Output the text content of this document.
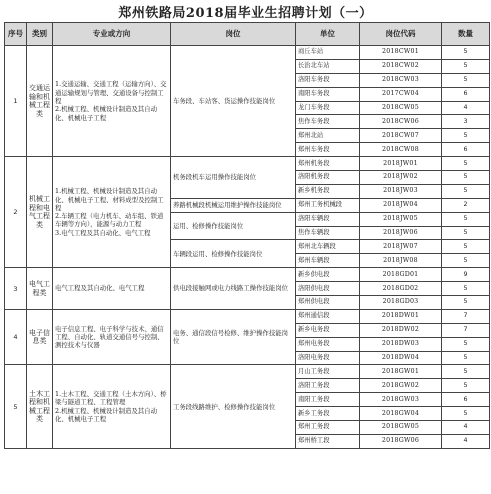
郑州铁路局2018届毕业生招聘计划（一）
序号	类别	专业或方向	岗位	单位	岗位代码	数量
1	交通运输和机械工程类	1.交通运输、交通工程（运输方向）、交通运输规划与管理、交通设备与控制工程
2.机械工程、机械设计制造及其自动化、机械电子工程	车务段、车站客、货运操作技能岗位	商丘车站	2018CW01	5
				长治北车站	2018CW02	5
				洛阳车务段	2018CW03	5
				南阳车务段	2017CW04	6
				龙门车务段	2018CW05	4
				焦作车务段	2018CW06	3
				郑州北站	2018CW07	5
				郑州车务段	2018CW08	6
2	机械工程和电气工程类	1.机械工程、机械设计制造及其自动化、机械电子工程、材料成型及控制工程
2.车辆工程（电力机车、动车组、铁道车辆等方向），能源与动力工程
3.电气工程及其自动化、电气工程	机务段机车运用操作技能岗位	郑州机务段	2018JW01	5
				洛阳机务段	2018JW02	5
				新乡机务段	2018JW03	5
			养路机械段机械运用维护操作技能岗位	郑州工务机械段	2018JW04	2
			运用、检修操作技能岗位	洛阳车辆段	2018JW05	5
				焦作车辆段	2018JW06	5
			车辆段运用、检修操作技能岗位	郑州北车辆段	2018JW07	5
				郑州车辆段	2018JW08	5
3	电气工程类	电气工程及其自动化、电气工程	供电段接触网或电力线路工操作技能岗位	新乡供电段	2018GD01	9
				洛阳供电段	2018GD02	5
				郑州供电段	2018GD03	5
4	电子信息类	电子信息工程、电子科学与技术、通信工程、自动化、轨道交通信号与控制、测控技术与仪器	电务、通信段信号检修、维护操作技能岗位	郑州通信段	2018DW01	7
				新乡电务段	2018DW02	7
				郑州电务段	2018DW03	5
				洛阳电务段	2018DW04	5
5	土木工程和机械工程类	1.土木工程、交通工程（土木方向）、桥梁与隧道工程、工程管理
2.机械工程、机械设计制造及其自动化、机械电子工程	工务段线路维护、检修操作技能岗位	月山工务段	2018GW01	5
				洛阳工务段	2018GW02	5
				南阳工务段	2018GW03	6
				新乡工务段	2018GW04	5
				郑州工务段	2018GW05	4
				郑州桥工段	2018GW06	4
